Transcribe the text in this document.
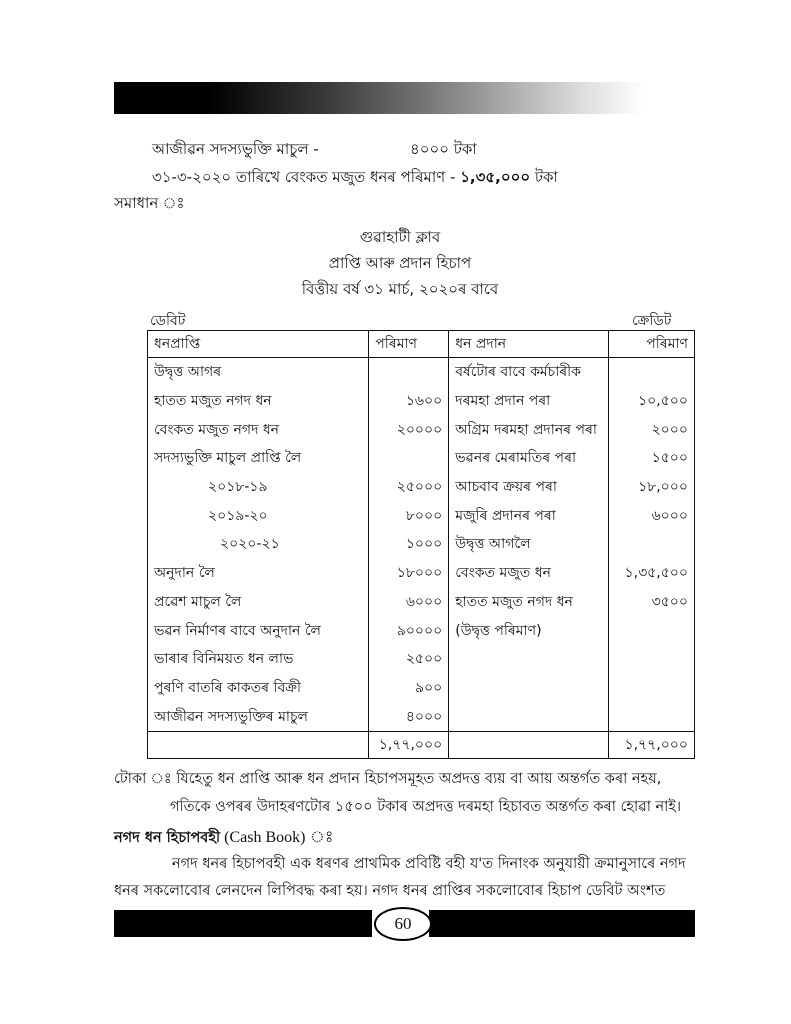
আজীৱন সদস্যভুক্তি মাচুল -	৪০০০ টকা
৩১-৩-২০২০ তাৰিখে বেংকত মজুত ধনৰ পৰিমাণ - ১,৩৫,০০০ টকা
সমাধান ঃ
গুৱাহাটী ক্লাব
প্ৰাপ্তি আৰু প্ৰদান হিচাপ
বিত্তীয় বৰ্ষ ৩১ মাৰ্চ, ২০২০ৰ বাবে
ডেবিট	ক্ৰেডিট
ধনপ্ৰাপ্তি	পৰিমাণ	ধন প্ৰদান	পৰিমাণ
উদ্বৃত্ত আগৰ		বৰ্ষটোৰ বাবে কৰ্মচাৰীক	
হাতত মজুত নগদ ধন	১৬০০	দৰমহা প্ৰদান পৰা	১০,৫০০
বেংকত মজুত নগদ ধন	২০০০০	অগ্ৰিম দৰমহা প্ৰদানৰ পৰা	২০০০
সদস্যভুক্তি মাচুল প্ৰাপ্তি লৈ		ভৱনৰ মেৰামতিৰ পৰা	১৫০০
২০১৮-১৯	২৫০০০	আচবাব ক্ৰয়ৰ পৰা	১৮,০০০
২০১৯-২০	৮০০০	মজুৰি প্ৰদানৰ পৰা	৬০০০
২০২০-২১	১০০০	উদ্বৃত্ত আগলৈ	
অনুদান লৈ	১৮০০০	বেংকত মজুত ধন	১,৩৫,৫০০
প্ৰৱেশ মাচুল লৈ	৬০০০	হাতত মজুত নগদ ধন	৩৫০০
ভৱন নিৰ্মাণৰ বাবে অনুদান লৈ	৯০০০০	(উদ্বৃত্ত পৰিমাণ)	
ভাৰাৰ বিনিময়ত ধন লাভ	২৫০০		
পুৰণি বাতৰি কাকতৰ বিক্ৰী	৯০০		
আজীৱন সদস্যভুক্তিৰ মাচুল	৪০০০		
	১,৭৭,০০০		১,৭৭,০০০
টোকা ঃ যিহেতু ধন প্ৰাপ্তি আৰু ধন প্ৰদান হিচাপসমূহত অপ্ৰদত্ত ব্যয় বা আয় অন্তৰ্গত কৰা নহয়,
গতিকে ওপৰৰ উদাহৰণটোৰ ১৫০০ টকাৰ অপ্ৰদত্ত দৰমহা হিচাবত অন্তৰ্গত কৰা হোৱা নাই।
নগদ ধন হিচাপবহী (Cash Book) ঃ
নগদ ধনৰ হিচাপবহী এক ধৰণৰ প্ৰাথমিক প্ৰবিষ্টি বহী য'ত দিনাংক অনুযায়ী ক্ৰমানুসাৰে নগদ
ধনৰ সকলোবোৰ লেনদেন লিপিবদ্ধ কৰা হয়। নগদ ধনৰ প্ৰাপ্তিৰ সকলোবোৰ হিচাপ ডেবিট অংশত
60
